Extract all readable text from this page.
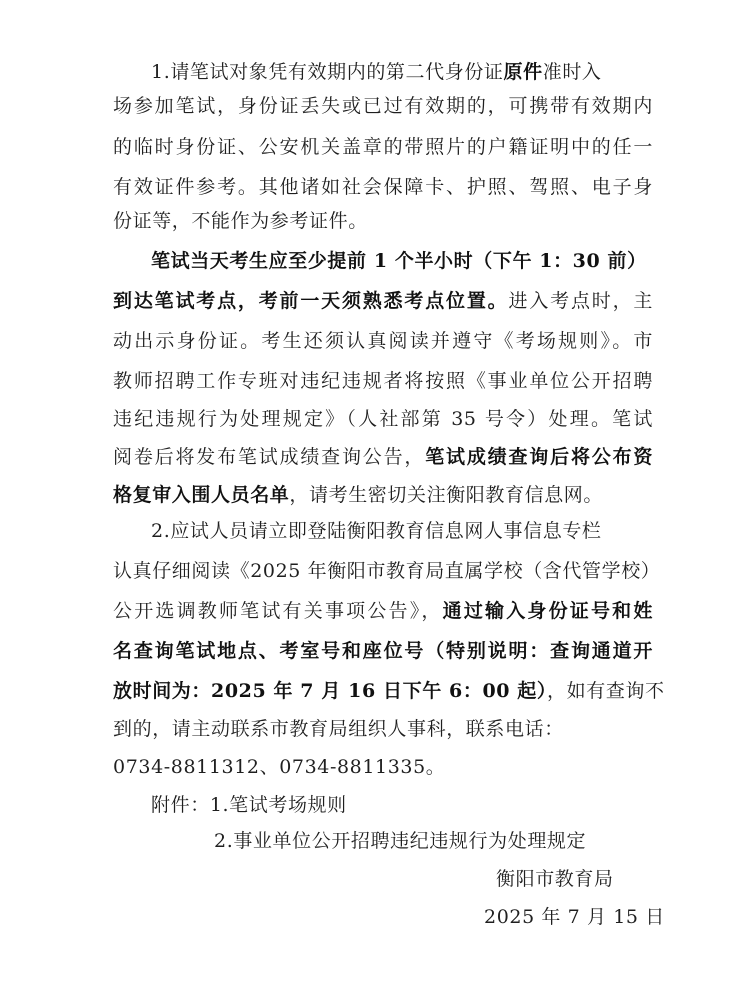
1.请笔试对象凭有效期内的第二代身份证原件准时入
场参加笔试，身份证丢失或已过有效期的，可携带有效期内
的临时身份证、公安机关盖章的带照片的户籍证明中的任一
有效证件参考。其他诸如社会保障卡、护照、驾照、电子身
份证等，不能作为参考证件。
笔试当天考生应至少提前 1 个半小时（下午 1：30 前）
到达笔试考点，考前一天须熟悉考点位置。进入考点时，主
动出示身份证。考生还须认真阅读并遵守《考场规则》。市
教师招聘工作专班对违纪违规者将按照《事业单位公开招聘
违纪违规行为处理规定》（人社部第 35 号令）处理。笔试
阅卷后将发布笔试成绩查询公告，笔试成绩查询后将公布资
格复审入围人员名单，请考生密切关注衡阳教育信息网。
2.应试人员请立即登陆衡阳教育信息网人事信息专栏
认真仔细阅读《2025 年衡阳市教育局直属学校（含代管学校）
公开选调教师笔试有关事项公告》，通过输入身份证号和姓
名查询笔试地点、考室号和座位号（特别说明：查询通道开
放时间为：2025 年 7 月 16 日下午 6：00 起），如有查询不
到的，请主动联系市教育局组织人事科，联系电话：
0734-8811312、0734-8811335。
附件：1.笔试考场规则
2.事业单位公开招聘违纪违规行为处理规定
衡阳市教育局
2025 年 7 月 15 日
